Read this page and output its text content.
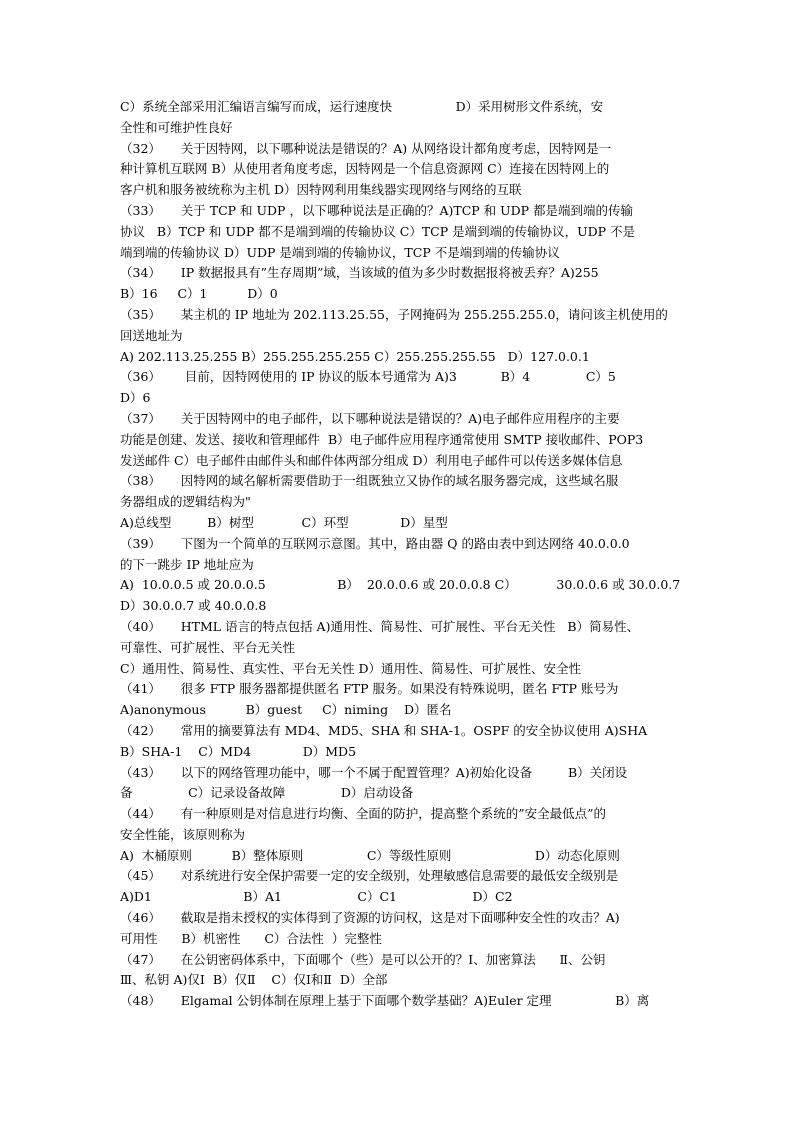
C）系统全部采用汇编语言编写而成，运行速度快                D）采用树形文件系统，安
全性和可维护性良好
（32）     关于因特网，以下哪种说法是错误的？A) 从网络设计都角度考虑，因特网是一
种计算机互联网 B）从使用者角度考虑，因特网是一个信息资源网 C）连接在因特网上的
客户机和服务被统称为主机 D）因特网利用集线器实现网络与网络的互联
（33）     关于 TCP 和 UDP ，以下哪种说法是正确的？A)TCP 和 UDP 都是端到端的传输
协议   B）TCP 和 UDP 都不是端到端的传输协议 C）TCP 是端到端的传输协议，UDP 不是
端到端的传输协议 D）UDP 是端到端的传输协议，TCP 不是端到端的传输协议
（34）     IP 数据报具有”生存周期”域，当该域的值为多少时数据报将被丢弃？A)255
B）16     C）1          D）0
（35）     某主机的 IP 地址为 202.113.25.55，子网掩码为 255.255.255.0，请问该主机使用的
回送地址为
A) 202.113.25.255 B）255.255.255.255 C）255.255.255.55   D）127.0.0.1
（36）      目前，因特网使用的 IP 协议的版本号通常为 A)3           B）4              C）5
D）6
（37）     关于因特网中的电子邮件，以下哪种说法是错误的？A)电子邮件应用程序的主要
功能是创建、发送、接收和管理邮件  B）电子邮件应用程序通常使用 SMTP 接收邮件、POP3
发送邮件 C）电子邮件由邮件头和邮件体两部分组成 D）利用电子邮件可以传送多媒体信息
（38）     因特网的域名解析需要借助于一组既独立又协作的域名服务器完成，这些域名服
务器组成的逻辑结构为"
A)总线型         B）树型            C）环型             D）星型
（39）     下图为一个简单的互联网示意图。其中，路由器 Q 的路由表中到达网络 40.0.0.0
的下一跳步 IP 地址应为
A)  10.0.0.5 或 20.0.0.5                  B）  20.0.0.6 或 20.0.0.8 C）          30.0.0.6 或 30.0.0.7
D）30.0.0.7 或 40.0.0.8
（40）     HTML 语言的特点包括 A)通用性、简易性、可扩展性、平台无关性   B）简易性、
可靠性、可扩展性、平台无关性
C）通用性、简易性、真实性、平台无关性 D）通用性、简易性、可扩展性、安全性
（41）     很多 FTP 服务器都提供匿名 FTP 服务。如果没有特殊说明，匿名 FTP 账号为
A)anonymous          B）guest     C）niming    D）匿名
（42）     常用的摘要算法有 MD4、MD5、SHA 和 SHA-1。OSPF 的安全协议使用 A)SHA
B）SHA-1    C）MD4             D）MD5
（43）     以下的网络管理功能中，哪一个不属于配置管理？A)初始化设备         B）关闭设
备              C）记录设备故障              D）启动设备
（44）     有一种原则是对信息进行均衡、全面的防护，提高整个系统的”安全最低点”的
安全性能，该原则称为
A)  木桶原则          B）整体原则                C）等级性原则                     D）动态化原则
（45）     对系统进行安全保护需要一定的安全级别，处理敏感信息需要的最低安全级别是
A)D1                       B）A1                   C）C1                   D）C2
（46）     截取是指未授权的实体得到了资源的访问权，这是对下面哪种安全性的攻击？A)
可用性      B）机密性      C）合法性  ）完整性
（47）     在公钥密码体系中，下面哪个（些）是可以公开的？Ⅰ、加密算法      Ⅱ、公钥
Ⅲ、私钥 A)仅Ⅰ  B）仅Ⅱ    C）仅Ⅰ和Ⅱ  D）全部
（48）     Elgamal 公钥体制在原理上基于下面哪个数学基础？A)Euler 定理                B）离
